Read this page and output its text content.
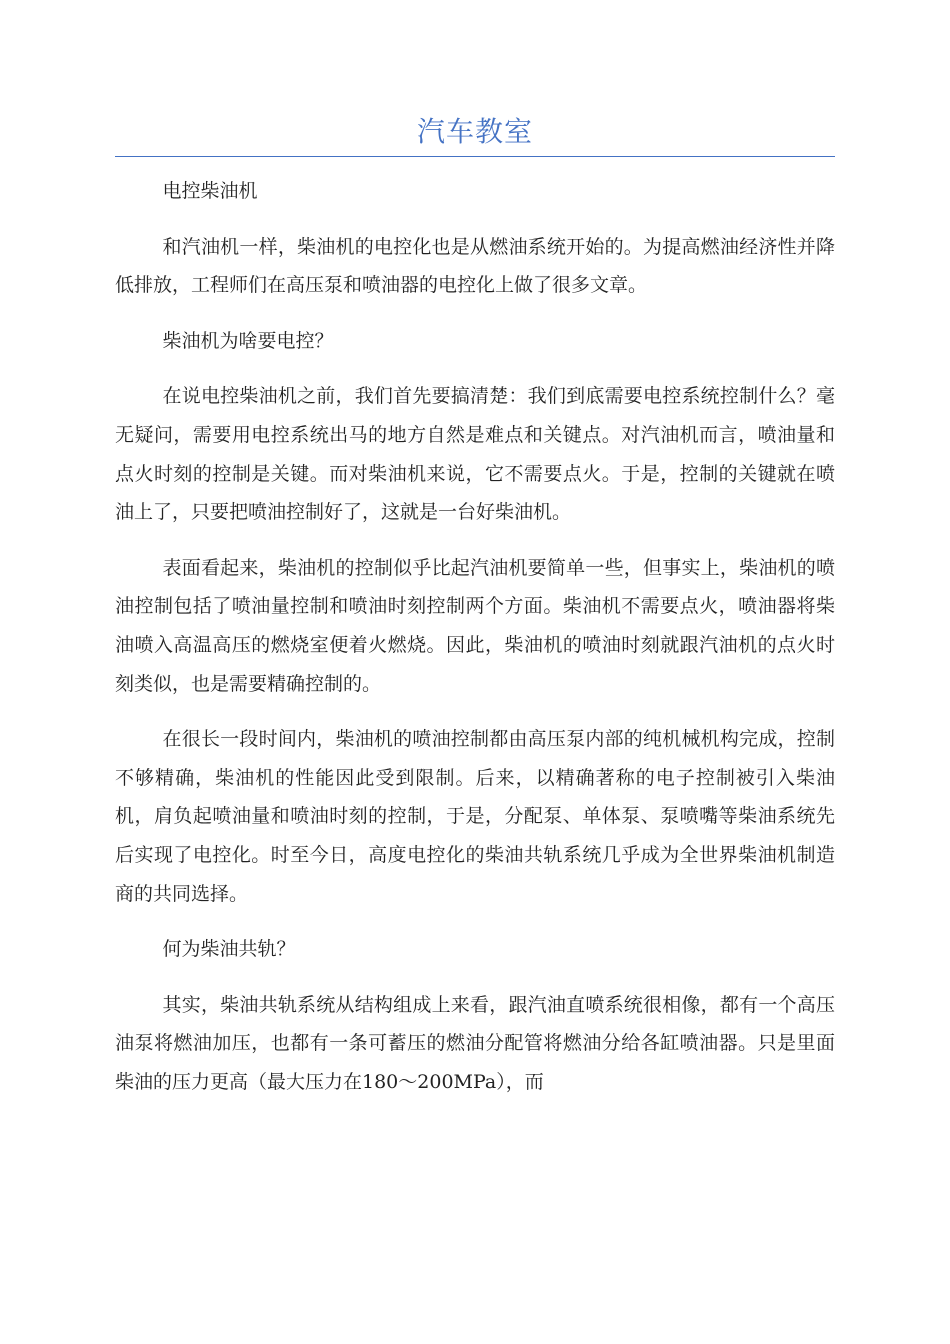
汽车教室

电控柴油机

和汽油机一样，柴油机的电控化也是从燃油系统开始的。为提高燃油经济性并降低排放，工程师们在高压泵和喷油器的电控化上做了很多文章。

柴油机为啥要电控？

在说电控柴油机之前，我们首先要搞清楚：我们到底需要电控系统控制什么？毫无疑问，需要用电控系统出马的地方自然是难点和关键点。对汽油机而言，喷油量和点火时刻的控制是关键。而对柴油机来说，它不需要点火。于是，控制的关键就在喷油上了，只要把喷油控制好了，这就是一台好柴油机。

表面看起来，柴油机的控制似乎比起汽油机要简单一些，但事实上，柴油机的喷油控制包括了喷油量控制和喷油时刻控制两个方面。柴油机不需要点火，喷油器将柴油喷入高温高压的燃烧室便着火燃烧。因此，柴油机的喷油时刻就跟汽油机的点火时刻类似，也是需要精确控制的。

在很长一段时间内，柴油机的喷油控制都由高压泵内部的纯机械机构完成，控制不够精确，柴油机的性能因此受到限制。后来，以精确著称的电子控制被引入柴油机，肩负起喷油量和喷油时刻的控制，于是，分配泵、单体泵、泵喷嘴等柴油系统先后实现了电控化。时至今日，高度电控化的柴油共轨系统几乎成为全世界柴油机制造商的共同选择。

何为柴油共轨？

其实，柴油共轨系统从结构组成上来看，跟汽油直喷系统很相像，都有一个高压油泵将燃油加压，也都有一条可蓄压的燃油分配管将燃油分给各缸喷油器。只是里面柴油的压力更高（最大压力在180～200MPa），而
